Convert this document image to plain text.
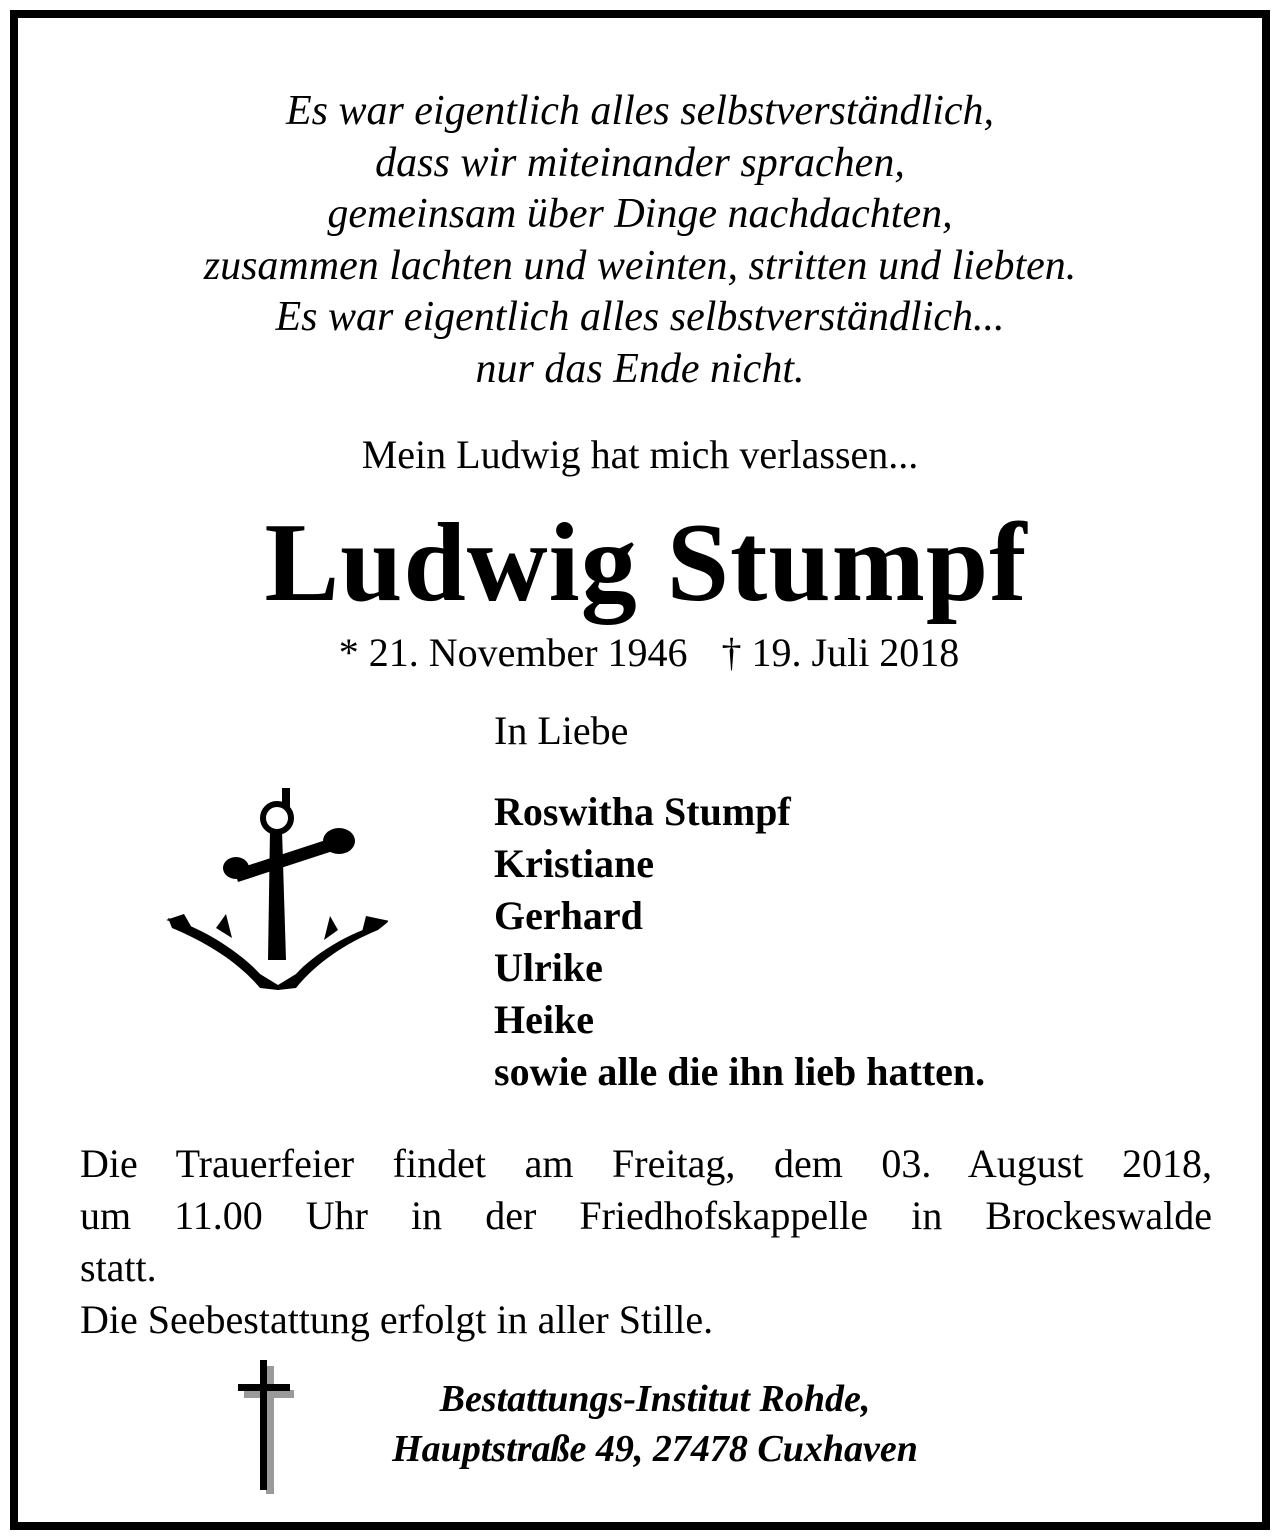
Es war eigentlich alles selbstverständlich,
dass wir miteinander sprachen,
gemeinsam über Dinge nachdachten,
zusammen lachten und weinten, stritten und liebten.
Es war eigentlich alles selbstverständlich...
nur das Ende nicht.
Mein Ludwig hat mich verlassen...
Ludwig Stumpf
* 21. November 1946 † 19. Juli 2018
In Liebe
Roswitha Stumpf
Kristiane
Gerhard
Ulrike
Heike
sowie alle die ihn lieb hatten.
Die Trauerfeier findet am Freitag, dem 03. August 2018,
um 11.00 Uhr in der Friedhofskappelle in Brockeswalde
statt.
Die Seebestattung erfolgt in aller Stille.
Bestattungs-Institut Rohde,
Hauptstraße 49, 27478 Cuxhaven
